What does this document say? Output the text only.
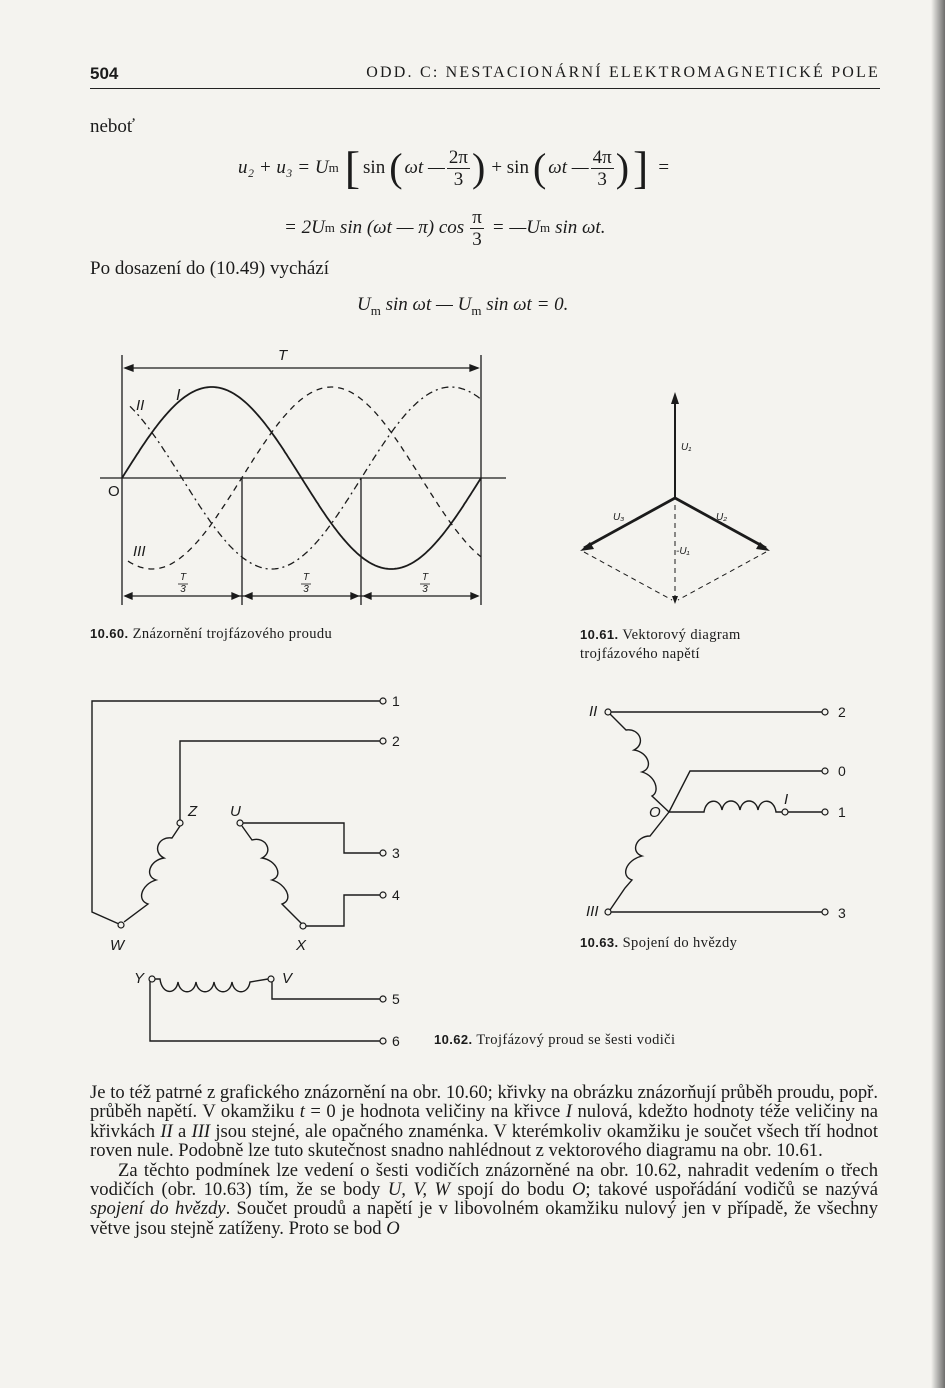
504	ODD. C: NESTACIONÁRNÍ ELEKTROMAGNETICKÉ POLE
neboť
u₂ + u₃ = U m [ sin ( ωt — $\frac{2\pi}{3}$ ) + sin ( ωt — $\frac{4\pi}{3}$ ) ] =
= 2U m sin (ωt — π) $\cos \frac{\pi}{3}$ = —U m sin ωt.
Po dosazení do (10.49) vychází
$U_m$ sin ωt — $U_m$ sin ωt = 0.
T
I
II
III
O
T
3
T
3
T
3
U₁
U₃	U₂
-U₁
1
2
3
4
5
6
Z U
W	X
Y	V
2
0
1
3
II
III
O
I
10.60. Znázornění trojfázového proudu	10.61. Vektorový diagram
trojfázového napětí
10.63. Spojení do hvězdy
10.62. Trojfázový proud se šesti vodiči

Je to též patrné z grafického znázornění na obr. 10.60; křivky na obrázku znázorňují průběh proudu, popř. průběh napětí. V okamžiku t = 0 je hodnota veličiny na křivce I nulová, kdežto hodnoty téže veličiny na křivkách II a III jsou stejné, ale opačného znaménka. V kterémkoliv okamžiku je součet všech tří hodnot roven nule. Podobně lze tuto skutečnost snadno nahlédnout z vektorového diagramu na obr. 10.61.

Za těchto podmínek lze vedení o šesti vodičích znázorněné na obr. 10.62, nahradit vedením o třech vodičích (obr. 10.63) tím, že se body U, V, W spojí do bodu O; takové uspořádání vodičů se nazývá spojení do hvězdy. Součet proudů a napětí je v libovolném okamžiku nulový jen v případě, že všechny větve jsou stejně zatíženy. Proto se bod O
